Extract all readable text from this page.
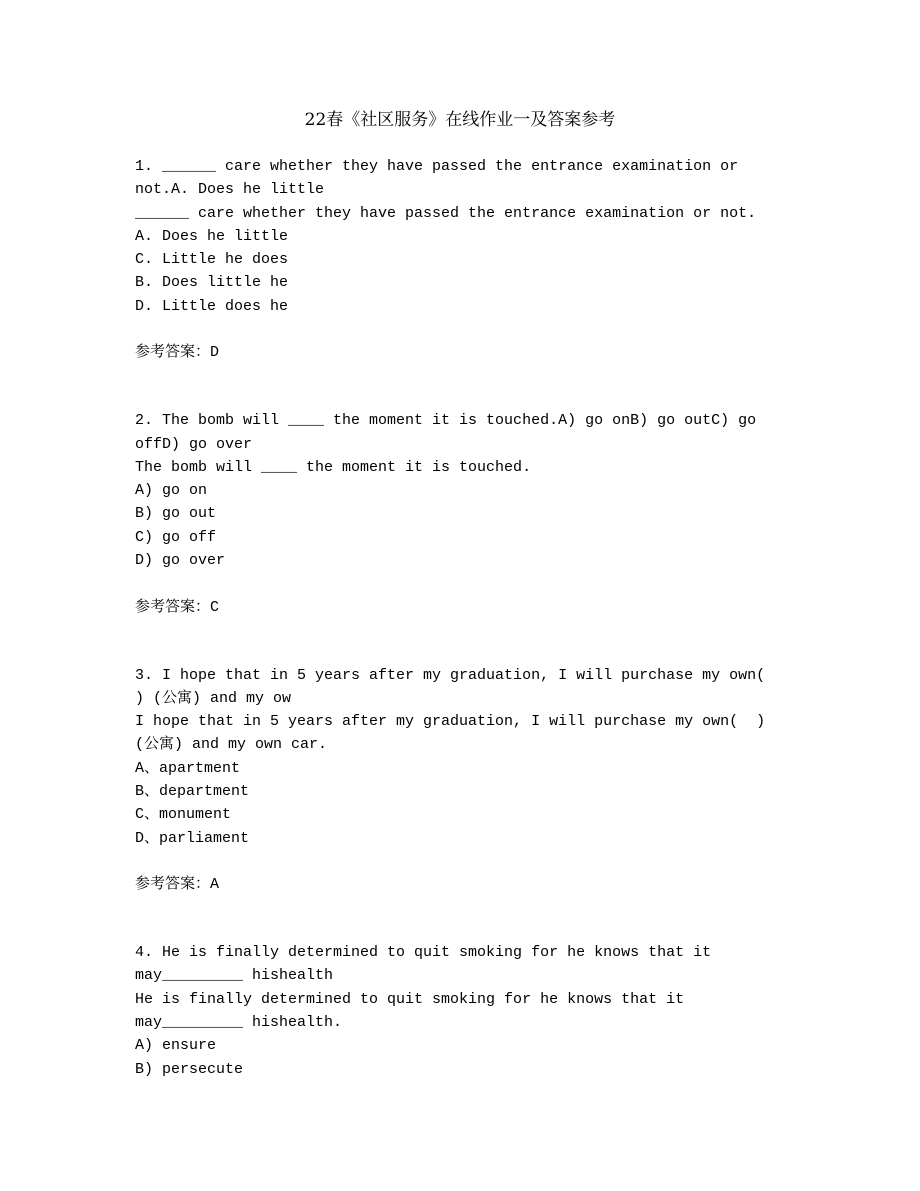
22春《社区服务》在线作业一及答案参考
1. ______ care whether they have passed the entrance examination or
not.A. Does he little
______ care whether they have passed the entrance examination or not.
A. Does he little
C. Little he does
B. Does little he
D. Little does he
参考答案：D
2. The bomb will ____ the moment it is touched.A) go onB) go outC) go
offD) go over
The bomb will ____ the moment it is touched.
A) go on
B) go out
C) go off
D) go over
参考答案：C
3. I hope that in 5 years after my graduation, I will purchase my own(
) (公寓) and my ow
I hope that in 5 years after my graduation, I will purchase my own(  )
(公寓) and my own car.
A、apartment
B、department
C、monument
D、parliament
参考答案：A
4. He is finally determined to quit smoking for he knows that it
may_________ hishealth
He is finally determined to quit smoking for he knows that it
may_________ hishealth.
A) ensure
B) persecute
